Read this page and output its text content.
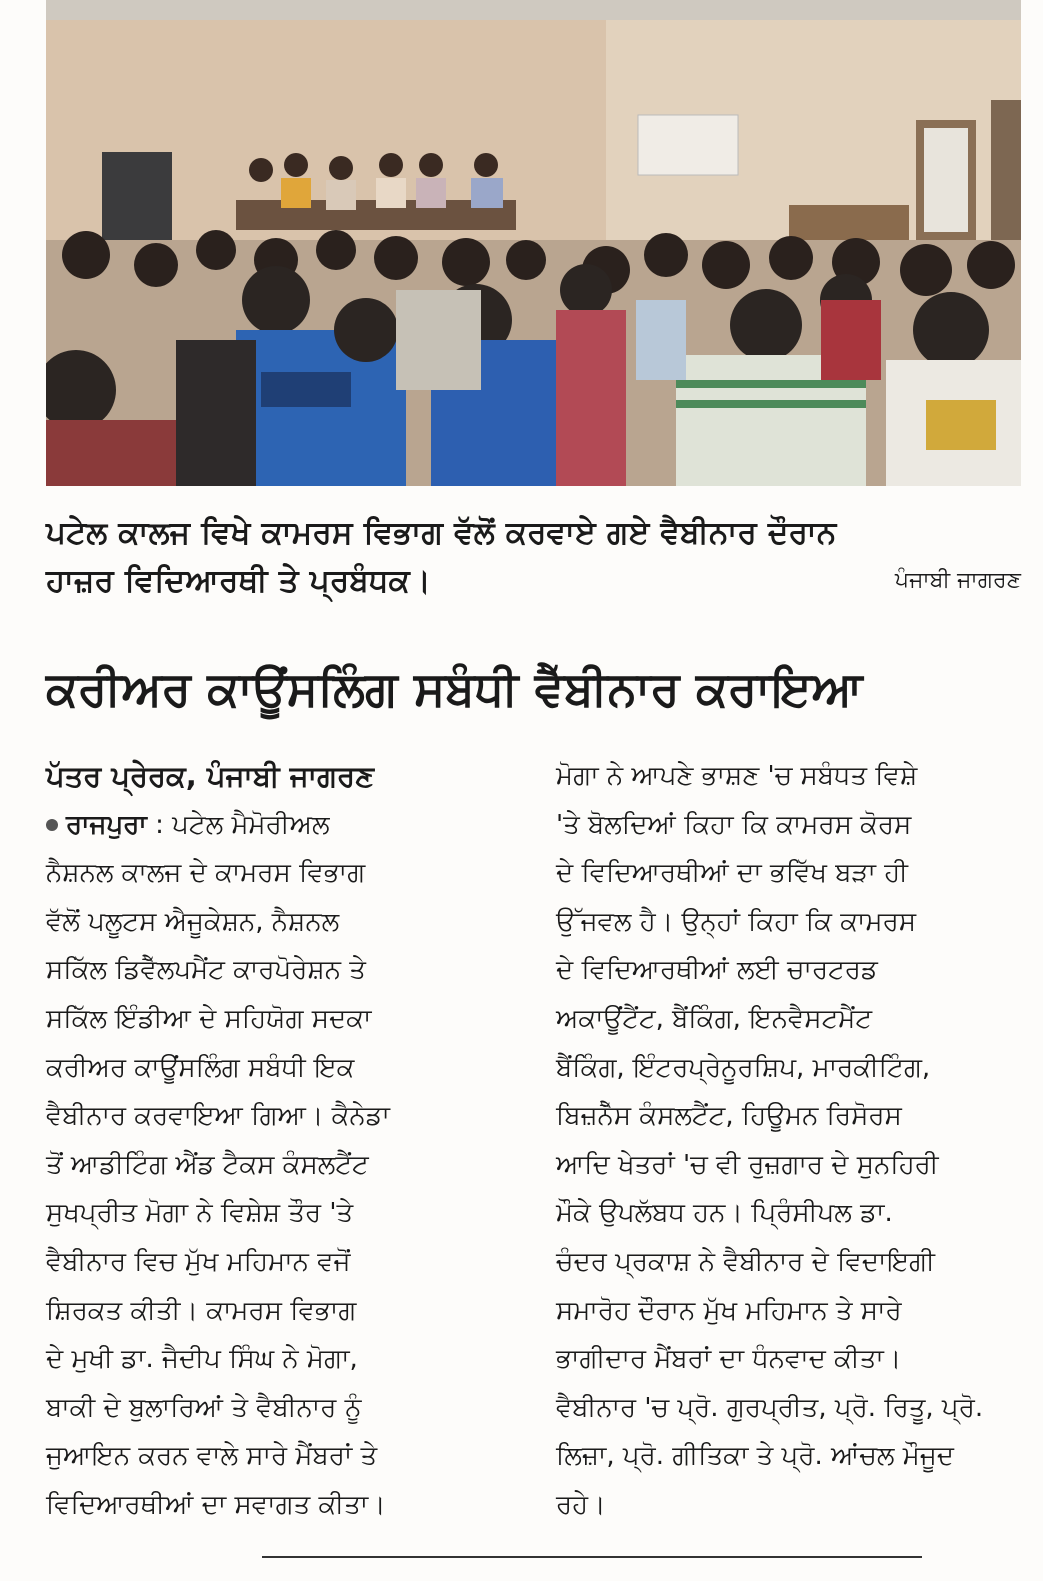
ਪਟੇਲ ਕਾਲਜ ਵਿਖੇ ਕਾਮਰਸ ਵਿਭਾਗ ਵੱਲੋਂ ਕਰਵਾਏ ਗਏ ਵੈਬੀਨਾਰ ਦੌਰਾਨ
ਹਾਜ਼ਰ ਵਿਦਿਆਰਥੀ ਤੇ ਪ੍ਰਬੰਧਕ।	ਪੰਜਾਬੀ ਜਾਗਰਣ
ਕਰੀਅਰ ਕਾਊਂਸਲਿੰਗ ਸਬੰਧੀ ਵੈੱਬੀਨਾਰ ਕਰਾਇਆ
ਪੱਤਰ ਪ੍ਰੇਰਕ, ਪੰਜਾਬੀ ਜਾਗਰਣ
ਰਾਜਪੁਰਾ : ਪਟੇਲ ਮੈਮੋਰੀਅਲ
ਨੈਸ਼ਨਲ ਕਾਲਜ ਦੇ ਕਾਮਰਸ ਵਿਭਾਗ
ਵੱਲੋਂ ਪਲੂਟਸ ਐਜੂਕੇਸ਼ਨ, ਨੈਸ਼ਨਲ
ਸਕਿੱਲ ਡਿਵੈੱਲਪਮੈਂਟ ਕਾਰਪੋਰੇਸ਼ਨ ਤੇ
ਸਕਿੱਲ ਇੰਡੀਆ ਦੇ ਸਹਿਯੋਗ ਸਦਕਾ
ਕਰੀਅਰ ਕਾਊਂਸਲਿੰਗ ਸਬੰਧੀ ਇਕ
ਵੈਬੀਨਾਰ ਕਰਵਾਇਆ ਗਿਆ। ਕੈਨੇਡਾ
ਤੋਂ ਆਡੀਟਿੰਗ ਐਂਡ ਟੈਕਸ ਕੰਸਲਟੈਂਟ
ਸੁਖਪ੍ਰੀਤ ਮੋਗਾ ਨੇ ਵਿਸ਼ੇਸ਼ ਤੌਰ 'ਤੇ
ਵੈਬੀਨਾਰ ਵਿਚ ਮੁੱਖ ਮਹਿਮਾਨ ਵਜੋਂ
ਸ਼ਿਰਕਤ ਕੀਤੀ। ਕਾਮਰਸ ਵਿਭਾਗ
ਦੇ ਮੁਖੀ ਡਾ. ਜੈਦੀਪ ਸਿੰਘ ਨੇ ਮੋਗਾ,
ਬਾਕੀ ਦੇ ਬੁਲਾਰਿਆਂ ਤੇ ਵੈਬੀਨਾਰ ਨੂੰ
ਜੁਆਇਨ ਕਰਨ ਵਾਲੇ ਸਾਰੇ ਮੈਂਬਰਾਂ ਤੇ
ਵਿਦਿਆਰਥੀਆਂ ਦਾ ਸਵਾਗਤ ਕੀਤਾ।
ਮੋਗਾ ਨੇ ਆਪਣੇ ਭਾਸ਼ਣ 'ਚ ਸਬੰਧਤ ਵਿਸ਼ੇ
'ਤੇ ਬੋਲਦਿਆਂ ਕਿਹਾ ਕਿ ਕਾਮਰਸ ਕੋਰਸ
ਦੇ ਵਿਦਿਆਰਥੀਆਂ ਦਾ ਭਵਿੱਖ ਬੜਾ ਹੀ
ਉੱਜਵਲ ਹੈ। ਉਨ੍ਹਾਂ ਕਿਹਾ ਕਿ ਕਾਮਰਸ
ਦੇ ਵਿਦਿਆਰਥੀਆਂ ਲਈ ਚਾਰਟਰਡ
ਅਕਾਊਂਟੈਂਟ, ਬੈਂਕਿੰਗ, ਇਨਵੈਸਟਮੈਂਟ
ਬੈਂਕਿੰਗ, ਇੰਟਰਪ੍ਰੇਨੂਰਸ਼ਿਪ, ਮਾਰਕੀਟਿੰਗ,
ਬਿਜ਼ਨੈੱਸ ਕੰਸਲਟੈਂਟ, ਹਿਊਮਨ ਰਿਸੋਰਸ
ਆਦਿ ਖੇਤਰਾਂ 'ਚ ਵੀ ਰੁਜ਼ਗਾਰ ਦੇ ਸੁਨਹਿਰੀ
ਮੌਕੇ ਉਪਲੱਬਧ ਹਨ। ਪ੍ਰਿੰਸੀਪਲ ਡਾ.
ਚੰਦਰ ਪ੍ਰਕਾਸ਼ ਨੇ ਵੈਬੀਨਾਰ ਦੇ ਵਿਦਾਇਗੀ
ਸਮਾਰੋਹ ਦੌਰਾਨ ਮੁੱਖ ਮਹਿਮਾਨ ਤੇ ਸਾਰੇ
ਭਾਗੀਦਾਰ ਮੈਂਬਰਾਂ ਦਾ ਧੰਨਵਾਦ ਕੀਤਾ।
ਵੈਬੀਨਾਰ 'ਚ ਪ੍ਰੋ. ਗੁਰਪ੍ਰੀਤ, ਪ੍ਰੋ. ਰਿਤੂ, ਪ੍ਰੋ.
ਲਿਜ਼ਾ, ਪ੍ਰੋ. ਗੀਤਿਕਾ ਤੇ ਪ੍ਰੋ. ਆਂਚਲ ਮੌਜੂਦ
ਰਹੇ।
